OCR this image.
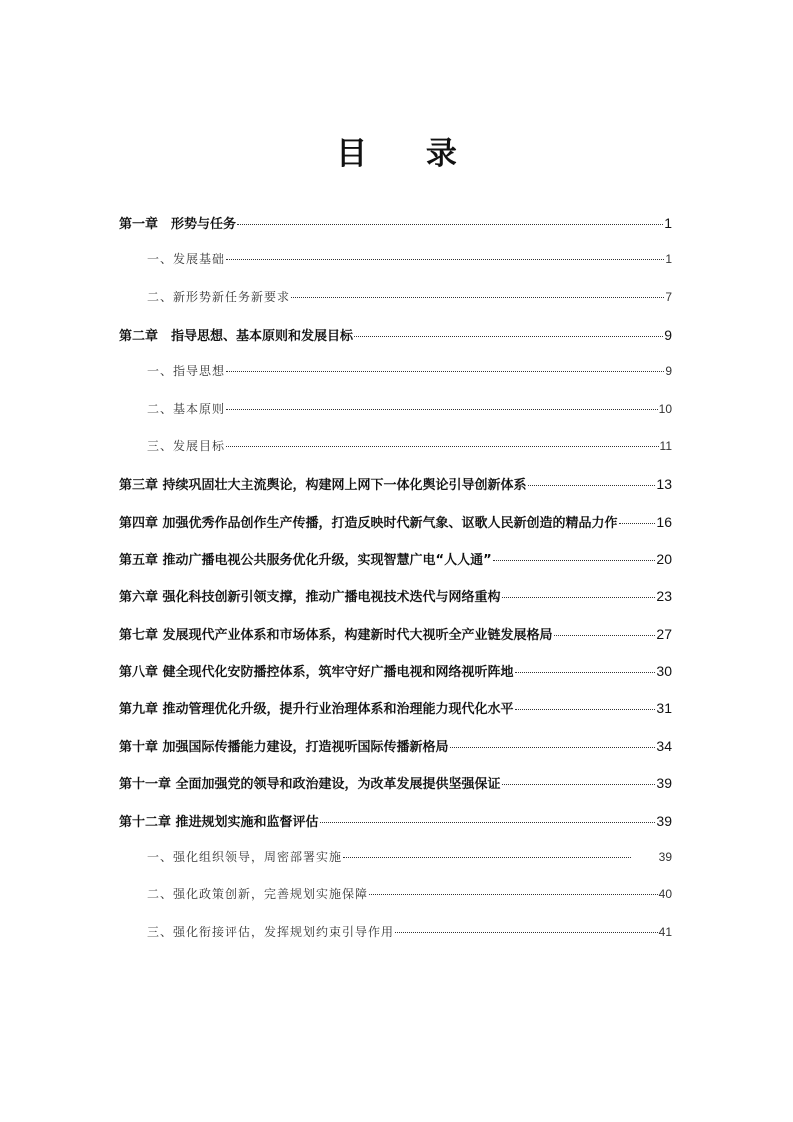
目 录
第一章　形势与任务	1
一、发展基础	1
二、新形势新任务新要求	7
第二章　指导思想、基本原则和发展目标	9
一、指导思想	9
二、基本原则	10
三、发展目标	11
第三章 持续巩固壮大主流舆论，构建网上网下一体化舆论引导创新体系	13
第四章 加强优秀作品创作生产传播，打造反映时代新气象、讴歌人民新创造的精品力作	16
第五章 推动广播电视公共服务优化升级，实现智慧广电“人人通”	20
第六章 强化科技创新引领支撑，推动广播电视技术迭代与网络重构	23
第七章 发展现代产业体系和市场体系，构建新时代大视听全产业链发展格局	27
第八章 健全现代化安防播控体系，筑牢守好广播电视和网络视听阵地	30
第九章 推动管理优化升级，提升行业治理体系和治理能力现代化水平	31
第十章 加强国际传播能力建设，打造视听国际传播新格局	34
第十一章 全面加强党的领导和政治建设，为改革发展提供坚强保证	39
第十二章 推进规划实施和监督评估	39
一、强化组织领导，周密部署实施	39
二、强化政策创新，完善规划实施保障	40
三、强化衔接评估，发挥规划约束引导作用	41
